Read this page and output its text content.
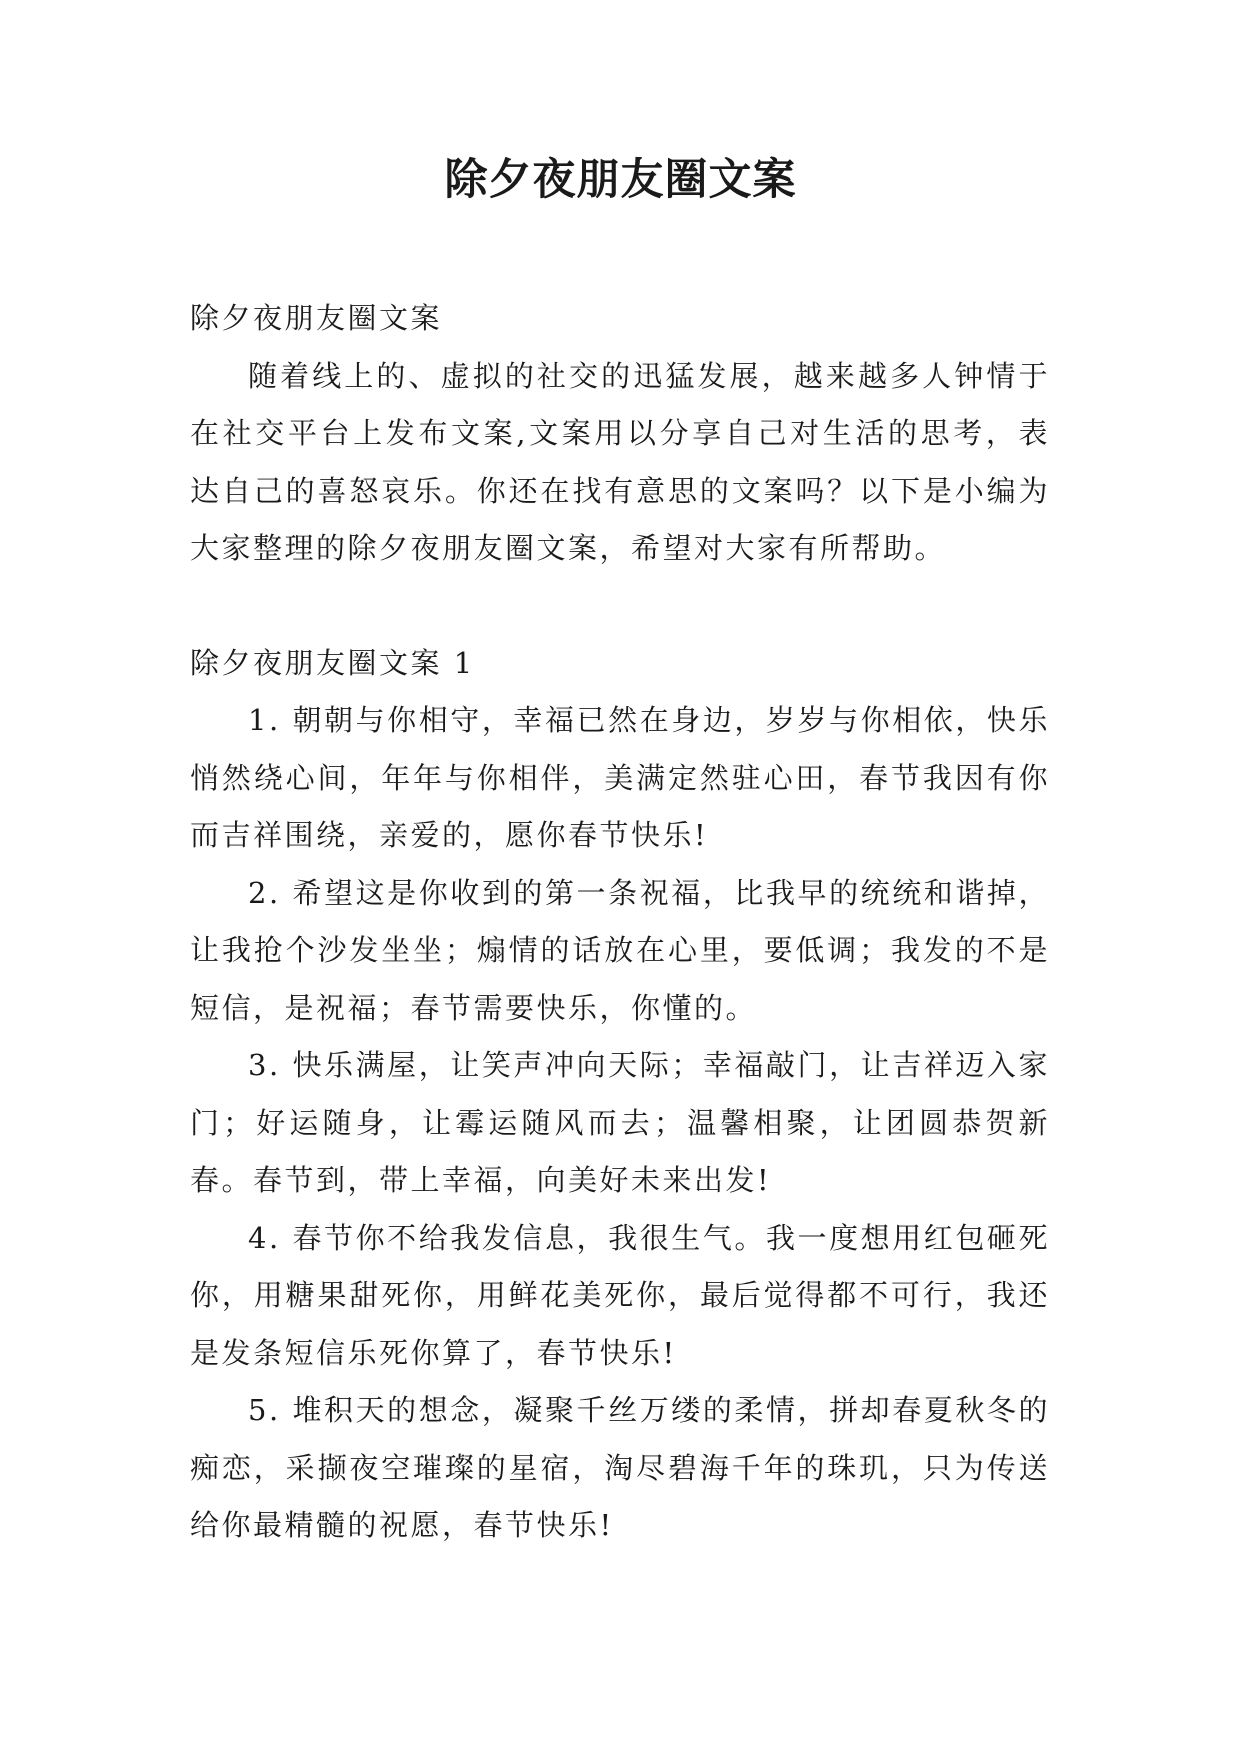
除夕夜朋友圈文案

除夕夜朋友圈文案

随着线上的、虚拟的社交的迅猛发展，越来越多人钟情于在社交平台上发布文案,文案用以分享自己对生活的思考，表达自己的喜怒哀乐。你还在找有意思的文案吗？以下是小编为大家整理的除夕夜朋友圈文案，希望对大家有所帮助。

除夕夜朋友圈文案 1

1. 朝朝与你相守，幸福已然在身边，岁岁与你相依，快乐悄然绕心间，年年与你相伴，美满定然驻心田，春节我因有你而吉祥围绕，亲爱的，愿你春节快乐!

2. 希望这是你收到的第一条祝福，比我早的统统和谐掉，让我抢个沙发坐坐；煽情的话放在心里，要低调；我发的不是短信，是祝福；春节需要快乐，你懂的。

3. 快乐满屋，让笑声冲向天际；幸福敲门，让吉祥迈入家门；好运随身，让霉运随风而去；温馨相聚，让团圆恭贺新春。春节到，带上幸福，向美好未来出发!

4. 春节你不给我发信息，我很生气。我一度想用红包砸死你，用糖果甜死你，用鲜花美死你，最后觉得都不可行，我还是发条短信乐死你算了，春节快乐!

5. 堆积天的想念，凝聚千丝万缕的柔情，拼却春夏秋冬的痴恋，采撷夜空璀璨的星宿，淘尽碧海千年的珠玑，只为传送给你最精髓的祝愿，春节快乐!
